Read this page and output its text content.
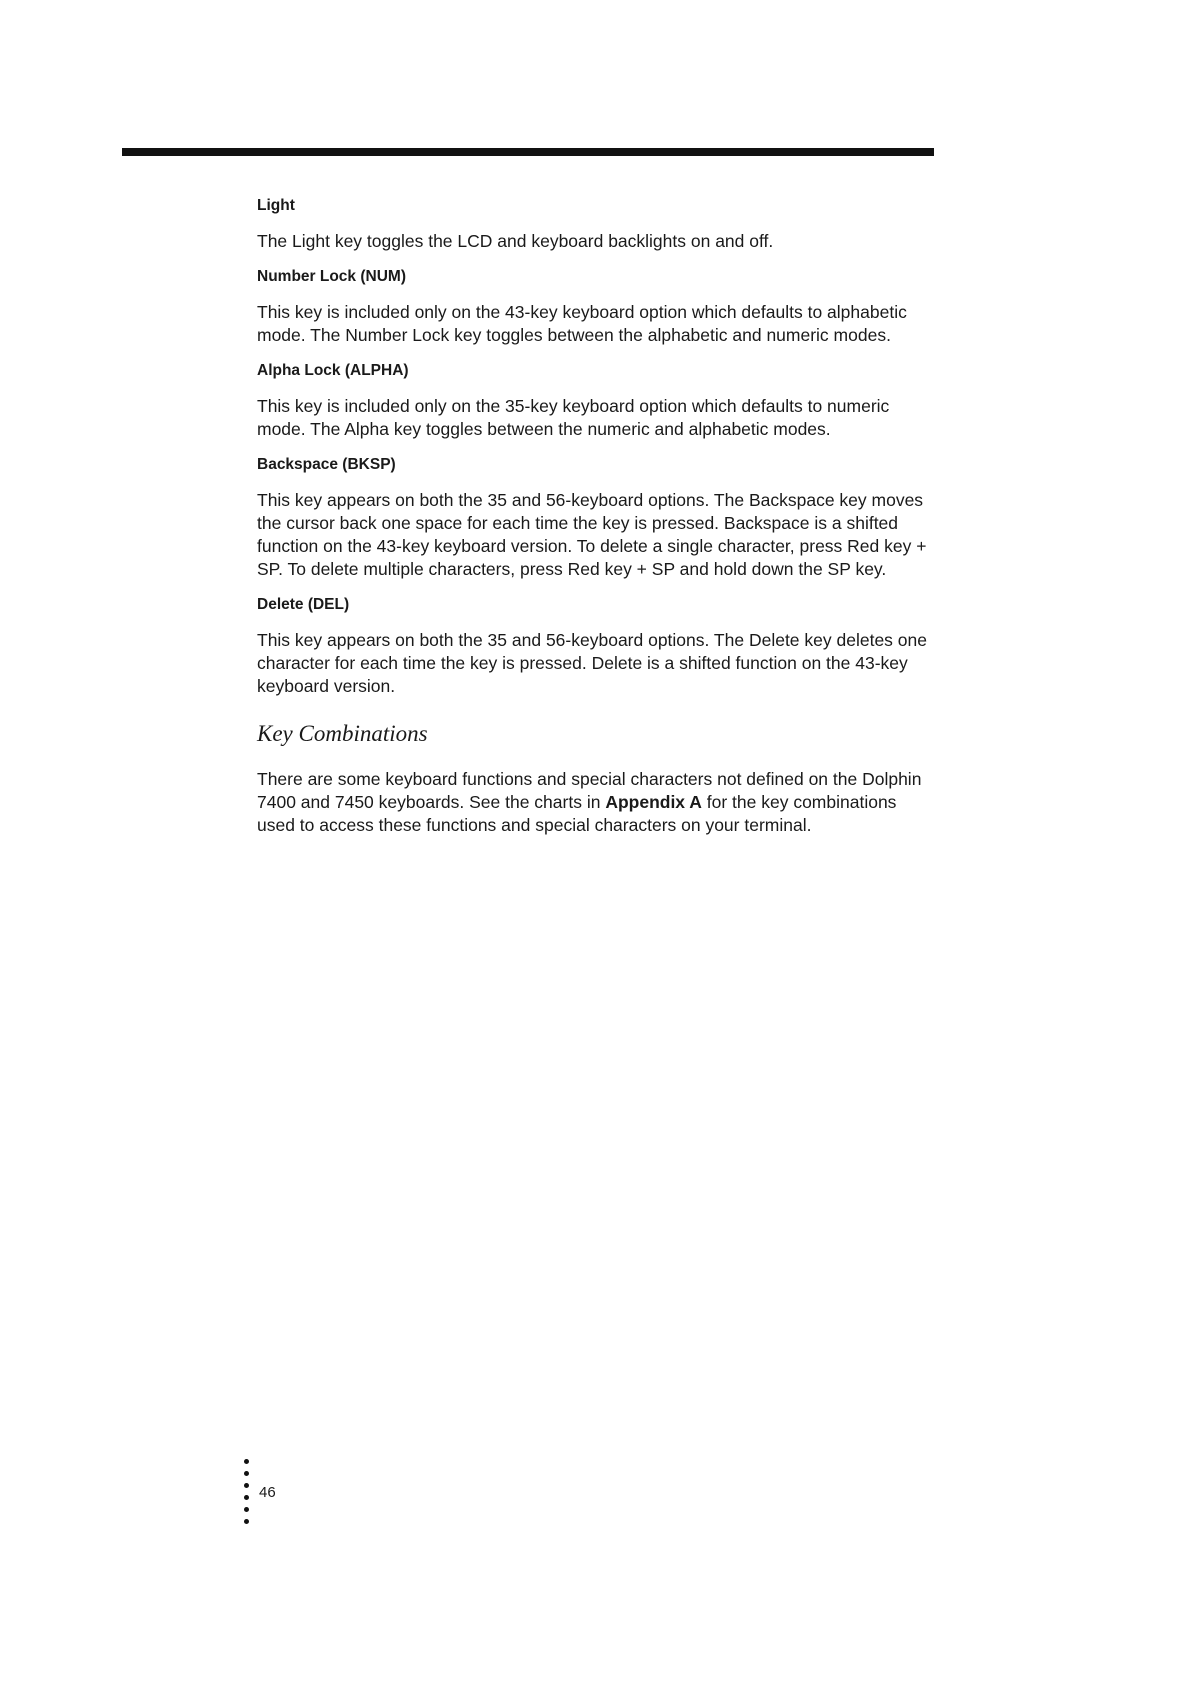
Light
The Light key toggles the LCD and keyboard backlights on and off.
Number Lock (NUM)
This key is included only on the 43-key keyboard option which defaults to alphabetic mode. The Number Lock key toggles between the alphabetic and numeric modes.
Alpha Lock (ALPHA)
This key is included only on the 35-key keyboard option which defaults to numeric mode. The Alpha key toggles between the numeric and alphabetic modes.
Backspace (BKSP)
This key appears on both the 35 and 56-keyboard options. The Backspace key moves the cursor back one space for each time the key is pressed. Backspace is a shifted function on the 43-key keyboard version. To delete a single character, press Red key + SP. To delete multiple characters, press Red key + SP and hold down the SP key.
Delete (DEL)
This key appears on both the 35 and 56-keyboard options. The Delete key deletes one character for each time the key is pressed. Delete is a shifted function on the 43-key keyboard version.
Key Combinations
There are some keyboard functions and special characters not defined on the Dolphin 7400 and 7450 keyboards. See the charts in Appendix A for the key combinations used to access these functions and special characters on your terminal.
46
